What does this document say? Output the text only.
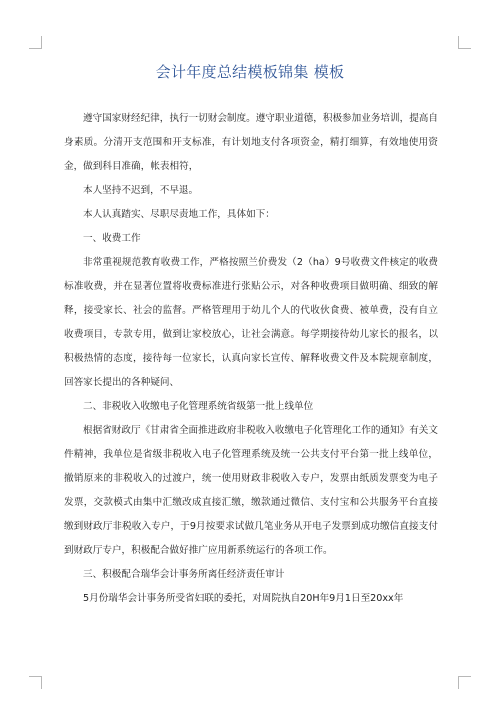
会计年度总结模板锦集 模板

遵守国家财经纪律，执行一切财会制度。遵守职业道德，积极参加业务培训，提高自身素质。分清开支范围和开支标准，有计划地支付各项资金，精打细算，有效地使用资金，做到科目准确，帐表相符，

本人坚持不迟到，不早退。

本人认真踏实、尽职尽责地工作，具体如下：

一、收费工作

非常重视规范教育收费工作，严格按照兰价费发（2（ha）9号收费文件核定的收费标准收费，并在显著位置将收费标准进行张贴公示，对各种收费项目做明确、细致的解释，接受家长、社会的监督。严格管理用于幼儿个人的代收伙食费、被单费，没有自立收费项目，专款专用，做到让家校放心，让社会满意。每学期接待幼儿家长的报名，以积极热情的态度，接待每一位家长，认真向家长宣传、解释收费文件及本院规章制度，回答家长提出的各种疑问、

二、非税收入收缴电子化管理系统省级第一批上线单位

根据省财政厅《甘肃省全面推进政府非税收入收缴电子化管理化工作的通知》有关文件精神，我单位是省级非税收入电子化管理系统及统一公共支付平台第一批上线单位，撤销原来的非税收入的过渡户，统一使用财政非税收入专户，发票由纸质发票变为电子发票，交款模式由集中汇缴改成直接汇缴，缴款通过微信、支付宝和公共服务平台直接缴到财政厅非税收入专户，于9月按要求试做几笔业务从开电子发票到成功缴信直接支付到财政厅专户，积极配合做好推广应用新系统运行的各项工作。

三、积极配合瑞华会计事务所离任经济责任审计

5月份瑞华会计事务所受省妇联的委托，对周院执自20H年9月1日至20xx年
